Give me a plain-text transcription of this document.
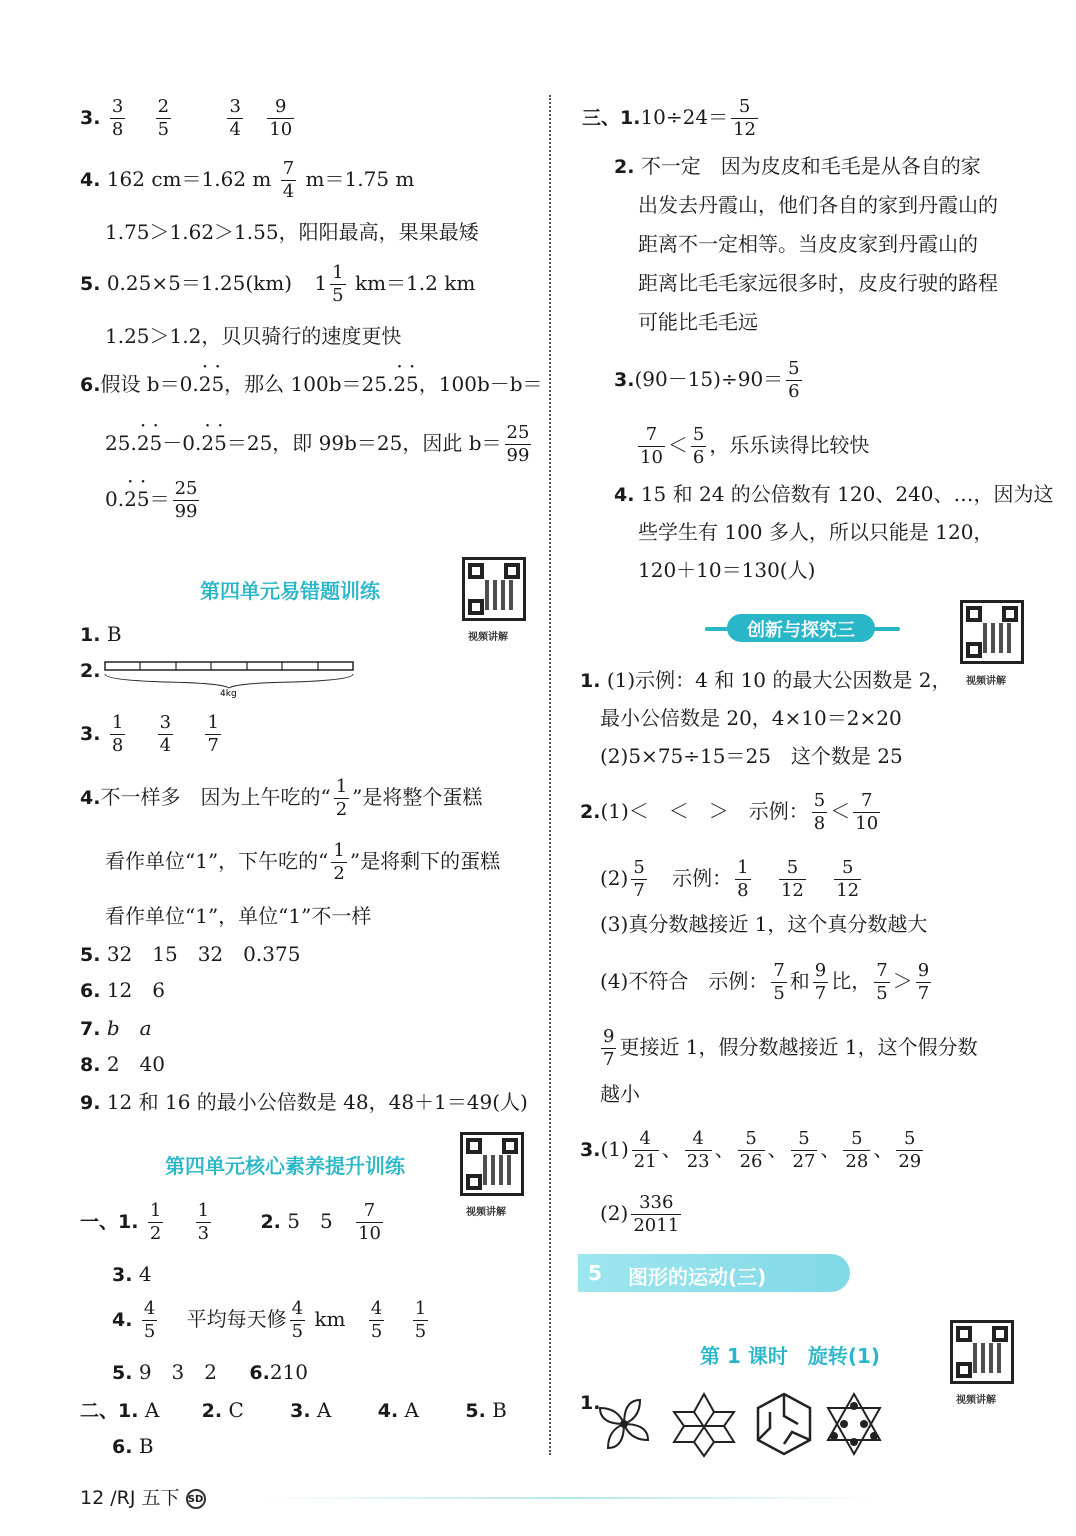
3. $\frac{3}{8}$
$\frac{2}{5}$
	$\frac{3}{4}$
$\frac{9}{10}$
4. 162 cm＝1.62 m $\frac{7}{4} m=1.75$ m
1.75＞1.62＞1.55，阳阳最高，果果最矮
5. 0.25×5＝1.25(km) $1 \frac{1}{5} km=1.2$ km
1.25＞1.2，贝贝骑行的速度更快
6.假设 b＝0.· 2· 5，那么 100b＝25.· 2· 5，100b－b＝
25.· 2· 5－0.· 2· 5＝25，即 99b＝25，因此 $b= \frac{25}{99}$
$0.\cdot 2\cdot 5= \frac{25}{99}$
第四单元易错题训练
视频讲解
1. B
2.
4kg
3. $\frac{1}{8}$
$\frac{3}{4}$
$\frac{1}{7}$
4.不一样多　因为上午吃的“ $\frac{1}{2}$ ”是将整个蛋糕
看作单位“1”，下午吃的“ $\frac{1}{2}$ ”是将剩下的蛋糕
看作单位“1”，单位“1”不一样
5. 32　15　32　0.375
6. 12　6
7. b　a
8. 2　40
9. 12 和 16 的最小公倍数是 48，48＋1＝49(人)
第四单元核心素养提升训练
视频讲解
一、1. $\frac{1}{2}$
$\frac{1}{3}$	2. 5　$5 \frac{7}{10}$
3. 4
4. $\frac{4}{5}$ 平均每天修 $\frac{4}{5}$ km $\frac{4}{5}$
$\frac{1}{5}$
5. 9　3　2 6.210
二、1. A 2. C 3. A 4. A 5. B
6. B
12 /RJ 五下 SD
三、$1.10\div 24= \frac{5}{12}$
2. 不一定　因为皮皮和毛毛是从各自的家
出发去丹霞山，他们各自的家到丹霞山的
距离不一定相等。当皮皮家到丹霞山的
距离比毛毛家远很多时，皮皮行驶的路程
可能比毛毛远
$3.(90-15)\div 90= \frac{5}{6}$
$\frac{7}{10} < \frac{5}{6}$ ，乐乐读得比较快
4. 15 和 24 的公倍数有 120、240、…，因为这
些学生有 100 多人，所以只能是 120，
120＋10＝130(人)
创新与探究三
视频讲解
1. (1)示例：4 和 10 的最大公因数是 2，
最小公倍数是 20，4×10＝2×20
(2)5×75÷15＝25　这个数是 25
2.(1)＜　＜　＞　示例： $\frac{5}{8} < \frac{7}{10}$
$(2) \frac{5}{7}$ 示例： $\frac{1}{8}$
$\frac{5}{12}$
$\frac{5}{12}$
(3)真分数越接近 1，这个真分数越大
(4)不符合　示例： $\frac{7}{5}$ 和 $\frac{9}{7}$ 比， $\frac{7}{5} > \frac{9}{7}$
$\frac{9}{7}$ 更接近 1，假分数越接近 1，这个假分数
越小
$3.(1) \frac{4}{21}$ 、 $\frac{4}{23}$ 、 $\frac{5}{26}$ 、 $\frac{5}{27}$ 、 $\frac{5}{28}$ 、 $\frac{5}{29}$
$(2) \frac{336}{2011}$
5 图形的运动(三)
第 1 课时　旋转(1)
视频讲解
1.
